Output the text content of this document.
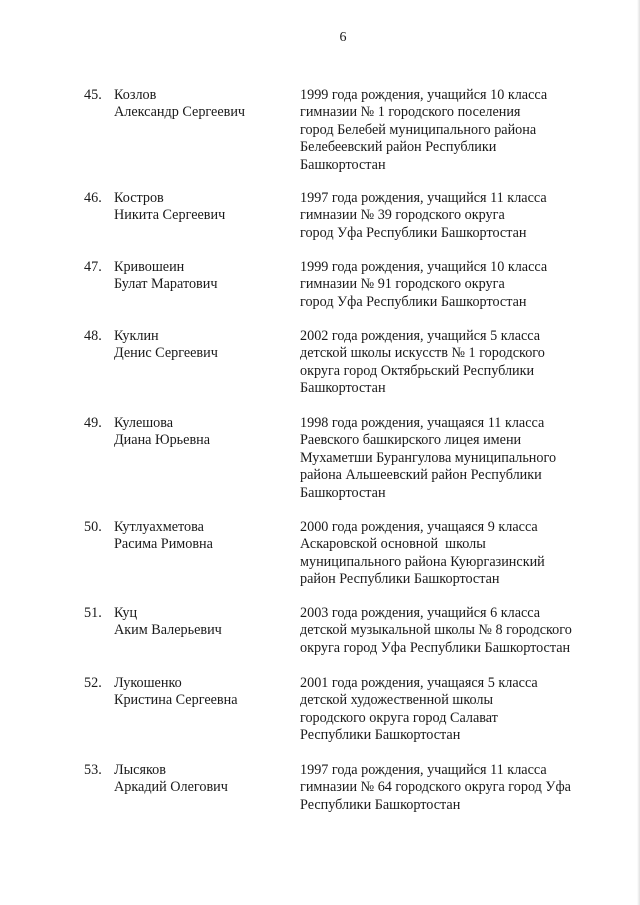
6
45. Козлов
Александр Сергеевич
1999 года рождения, учащийся 10 класса
гимназии № 1 городского поселения
город Белебей муниципального района
Белебеевский район Республики
Башкортостан
46. Костров
Никита Сергеевич
1997 года рождения, учащийся 11 класса
гимназии № 39 городского округа
город Уфа Республики Башкортостан
47. Кривошеин
Булат Маратович
1999 года рождения, учащийся 10 класса
гимназии № 91 городского округа
город Уфа Республики Башкортостан
48. Куклин
Денис Сергеевич
2002 года рождения, учащийся 5 класса
детской школы искусств № 1 городского
округа город Октябрьский Республики
Башкортостан
49. Кулешова
Диана Юрьевна
1998 года рождения, учащаяся 11 класса
Раевского башкирского лицея имени
Мухаметши Бурангулова муниципального
района Альшеевский район Республики
Башкортостан
50. Кутлуахметова
Расима Римовна
2000 года рождения, учащаяся 9 класса
Аскаровской основной  школы
муниципального района Куюргазинский
район Республики Башкортостан
51. Куц
Аким Валерьевич
2003 года рождения, учащийся 6 класса
детской музыкальной школы № 8 городского
округа город Уфа Республики Башкортостан
52. Лукошенко
Кристина Сергеевна
2001 года рождения, учащаяся 5 класса
детской художественной школы
городского округа город Салават
Республики Башкортостан
53. Лысяков
Аркадий Олегович
1997 года рождения, учащийся 11 класса
гимназии № 64 городского округа город Уфа
Республики Башкортостан
